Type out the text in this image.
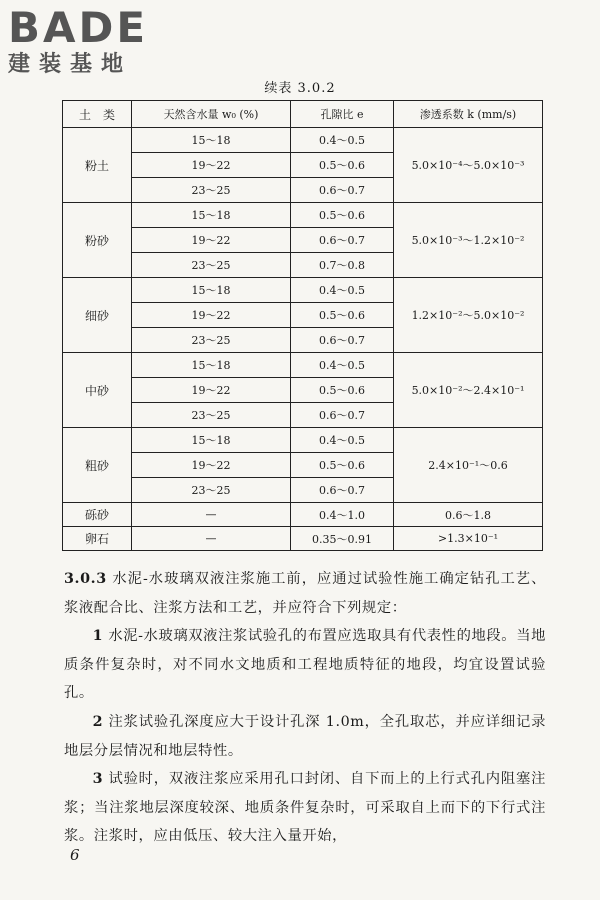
BADE
建装基地
续表 3.0.2
土　类	天然含水量 w₀ (%)	孔隙比 e	渗透系数 k (mm/s)
粉土	15～18	0.4～0.5	5.0×10⁻⁴～5.0×10⁻³
	19～22	0.5～0.6	
	23～25	0.6～0.7	
粉砂	15～18	0.5～0.6	5.0×10⁻³～1.2×10⁻²
	19～22	0.6～0.7	
	23～25	0.7～0.8	
细砂	15～18	0.4～0.5	1.2×10⁻²～5.0×10⁻²
	19～22	0.5～0.6	
	23～25	0.6～0.7	
中砂	15～18	0.4～0.5	5.0×10⁻²～2.4×10⁻¹
	19～22	0.5～0.6	
	23～25	0.6～0.7	
粗砂	15～18	0.4～0.5	2.4×10⁻¹～0.6
	19～22	0.5～0.6	
	23～25	0.6～0.7	
砾砂	—	0.4～1.0	0.6～1.8
卵石	—	0.35～0.91	>1.3×10⁻¹
3.0.3 水泥-水玻璃双液注浆施工前，应通过试验性施工确定钻孔工艺、浆液配合比、注浆方法和工艺，并应符合下列规定：
1 水泥-水玻璃双液注浆试验孔的布置应选取具有代表性的地段。当地质条件复杂时，对不同水文地质和工程地质特征的地段，均宜设置试验孔。
2 注浆试验孔深度应大于设计孔深 1.0m，全孔取芯，并应详细记录地层分层情况和地层特性。
3 试验时，双液注浆应采用孔口封闭、自下而上的上行式孔内阻塞注浆；当注浆地层深度较深、地质条件复杂时，可采取自上而下的下行式注浆。注浆时，应由低压、较大注入量开始，
6
